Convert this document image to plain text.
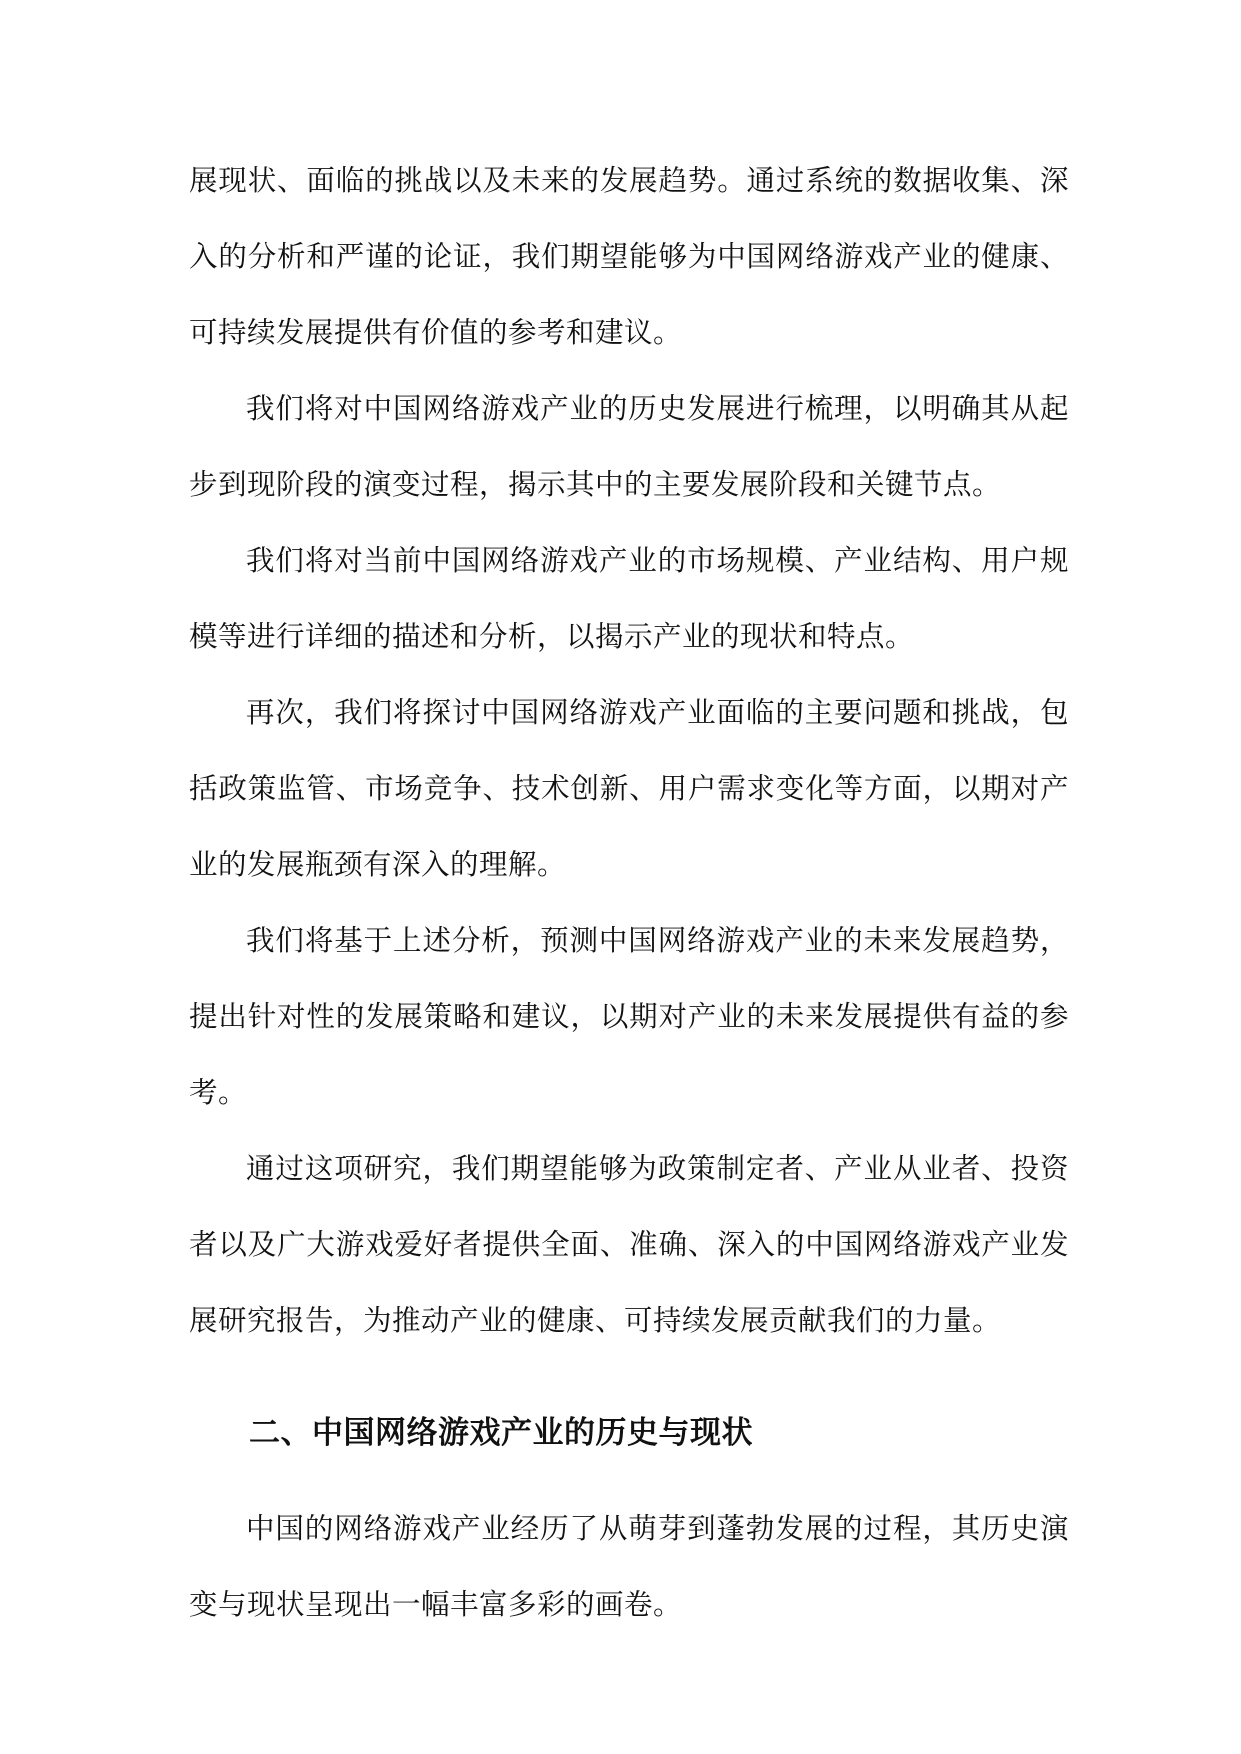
展现状、面临的挑战以及未来的发展趋势。通过系统的数据收集、深入的分析和严谨的论证，我们期望能够为中国网络游戏产业的健康、可持续发展提供有价值的参考和建议。

我们将对中国网络游戏产业的历史发展进行梳理，以明确其从起步到现阶段的演变过程，揭示其中的主要发展阶段和关键节点。

我们将对当前中国网络游戏产业的市场规模、产业结构、用户规模等进行详细的描述和分析，以揭示产业的现状和特点。

再次，我们将探讨中国网络游戏产业面临的主要问题和挑战，包括政策监管、市场竞争、技术创新、用户需求变化等方面，以期对产业的发展瓶颈有深入的理解。

我们将基于上述分析，预测中国网络游戏产业的未来发展趋势，提出针对性的发展策略和建议，以期对产业的未来发展提供有益的参考。

通过这项研究，我们期望能够为政策制定者、产业从业者、投资者以及广大游戏爱好者提供全面、准确、深入的中国网络游戏产业发展研究报告，为推动产业的健康、可持续发展贡献我们的力量。

二、中国网络游戏产业的历史与现状

中国的网络游戏产业经历了从萌芽到蓬勃发展的过程，其历史演变与现状呈现出一幅丰富多彩的画卷。
